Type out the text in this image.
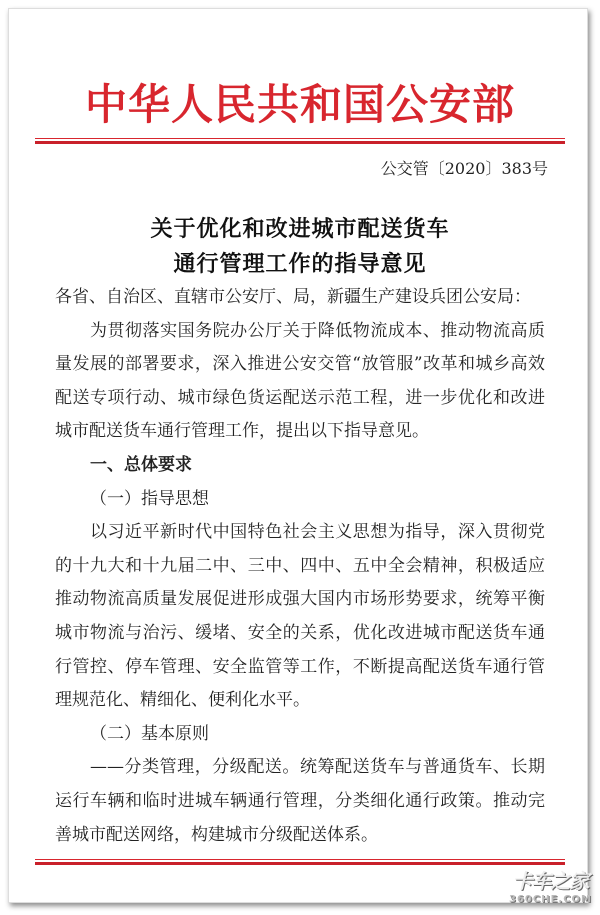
中华人民共和国公安部
公交管〔2020〕383号
关于优化和改进城市配送货车
通行管理工作的指导意见
各省、自治区、直辖市公安厅、局，新疆生产建设兵团公安局：
为贯彻落实国务院办公厅关于降低物流成本、推动物流高质
量发展的部署要求，深入推进公安交管“放管服”改革和城乡高效
配送专项行动、城市绿色货运配送示范工程，进一步优化和改进
城市配送货车通行管理工作，提出以下指导意见。
一、总体要求
（一）指导思想
以习近平新时代中国特色社会主义思想为指导，深入贯彻党
的十九大和十九届二中、三中、四中、五中全会精神，积极适应
推动物流高质量发展促进形成强大国内市场形势要求，统筹平衡
城市物流与治污、缓堵、安全的关系，优化改进城市配送货车通
行管控、停车管理、安全监管等工作，不断提高配送货车通行管
理规范化、精细化、便利化水平。
（二）基本原则
——分类管理，分级配送。统筹配送货车与普通货车、长期
运行车辆和临时进城车辆通行管理，分类细化通行政策。推动完
善城市配送网络，构建城市分级配送体系。
卡车之家
360CHE.COM
